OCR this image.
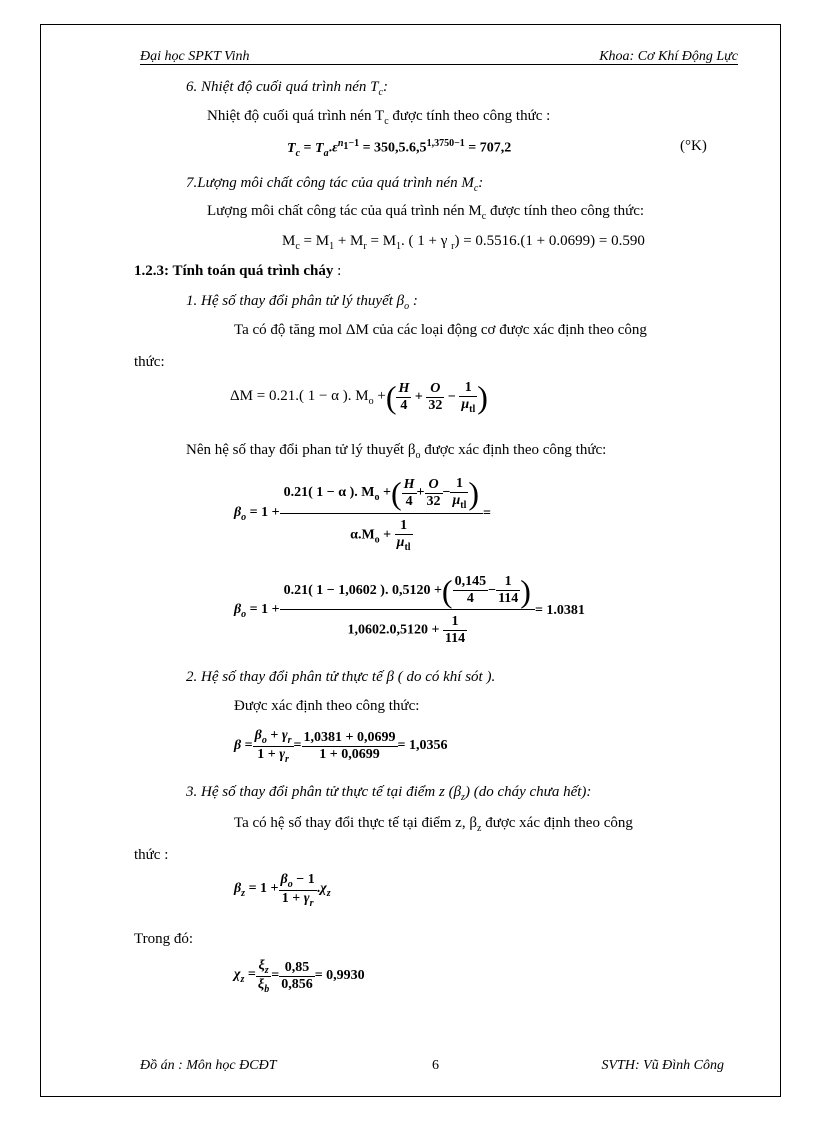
Đại học SPKT Vinh	Khoa: Cơ Khí Động Lực
6. Nhiệt độ cuối quá trình nén $T_c$:
Nhiệt độ cuối quá trình nén $T_c$ được tính theo công thức :
$T_c = T_a.\varepsilon^{n_1-1} = 350,5.6,5^{1,3750-1} = 707,2$	(°K)
7.Lượng môi chất công tác của quá trình nén $M_c$:
Lượng môi chất công tác của quá trình nén $M_c$ được tính theo công thức:
$M_c = M_1 + M_r = M_1$. ( 1 + γ $_r$) = 0.5516.(1 + 0.0699) = 0.590
1.2.3: Tính toán quá trình cháy :
1. Hệ số thay đổi phân tử lý thuyết $\beta_o$ :
Ta có độ tăng mol ΔM của các loại động cơ được xác định theo công
thức:
ΔM = 0.21.( 1 − α ). $M_o$ + ( $\frac{H}{4} + \frac{O}{32}$ −
1
$\mu_{tl}$ )
Nên hệ số thay đổi phan tử lý thuyết $\beta_o$ được xác định theo công thức:
$\beta_o = 1$ +
0.21( 1 − α ). $M_o$ + ( H
4
+
O
32
−
1
$\mu_{tl}$ )
$\alpha.M_o$ +
1
$\mu_{tl}$
=
$\beta_o = 1$ +
0.21( 1 − 1,0602 ). 0,5120 + ( 0,145
4
−
1
114 )
$1,0602.0,5120 + \frac{1}{114}$
= 1.0381
2. Hệ số thay đổi phân tử thực tế β ( do có khí sót ).
Được xác định theo công thức:
$\beta = \frac{\beta_o + \gamma_r}{1 + \gamma_r} = \frac{1,0381 + 0,0699}{1 + 0,0699} = 1,0356$
3. Hệ số thay đổi phân tử thực tế tại điểm z $(\beta_z)$ (do cháy chưa hết):
Ta có hệ số thay đổi thực tế tại điểm z, $\beta_z$ được xác định theo công
thức :
$\beta_z = 1 + \frac{\beta_o - 1}{1 + \gamma_r} .\chi_z$
Trong đó:
$\chi_z = \frac{\xi_z}{\xi_b} = \frac{0,85}{0,856} = 0,9930$
Đồ án : Môn học ĐCĐT	6	SVTH: Vũ Đình Công
